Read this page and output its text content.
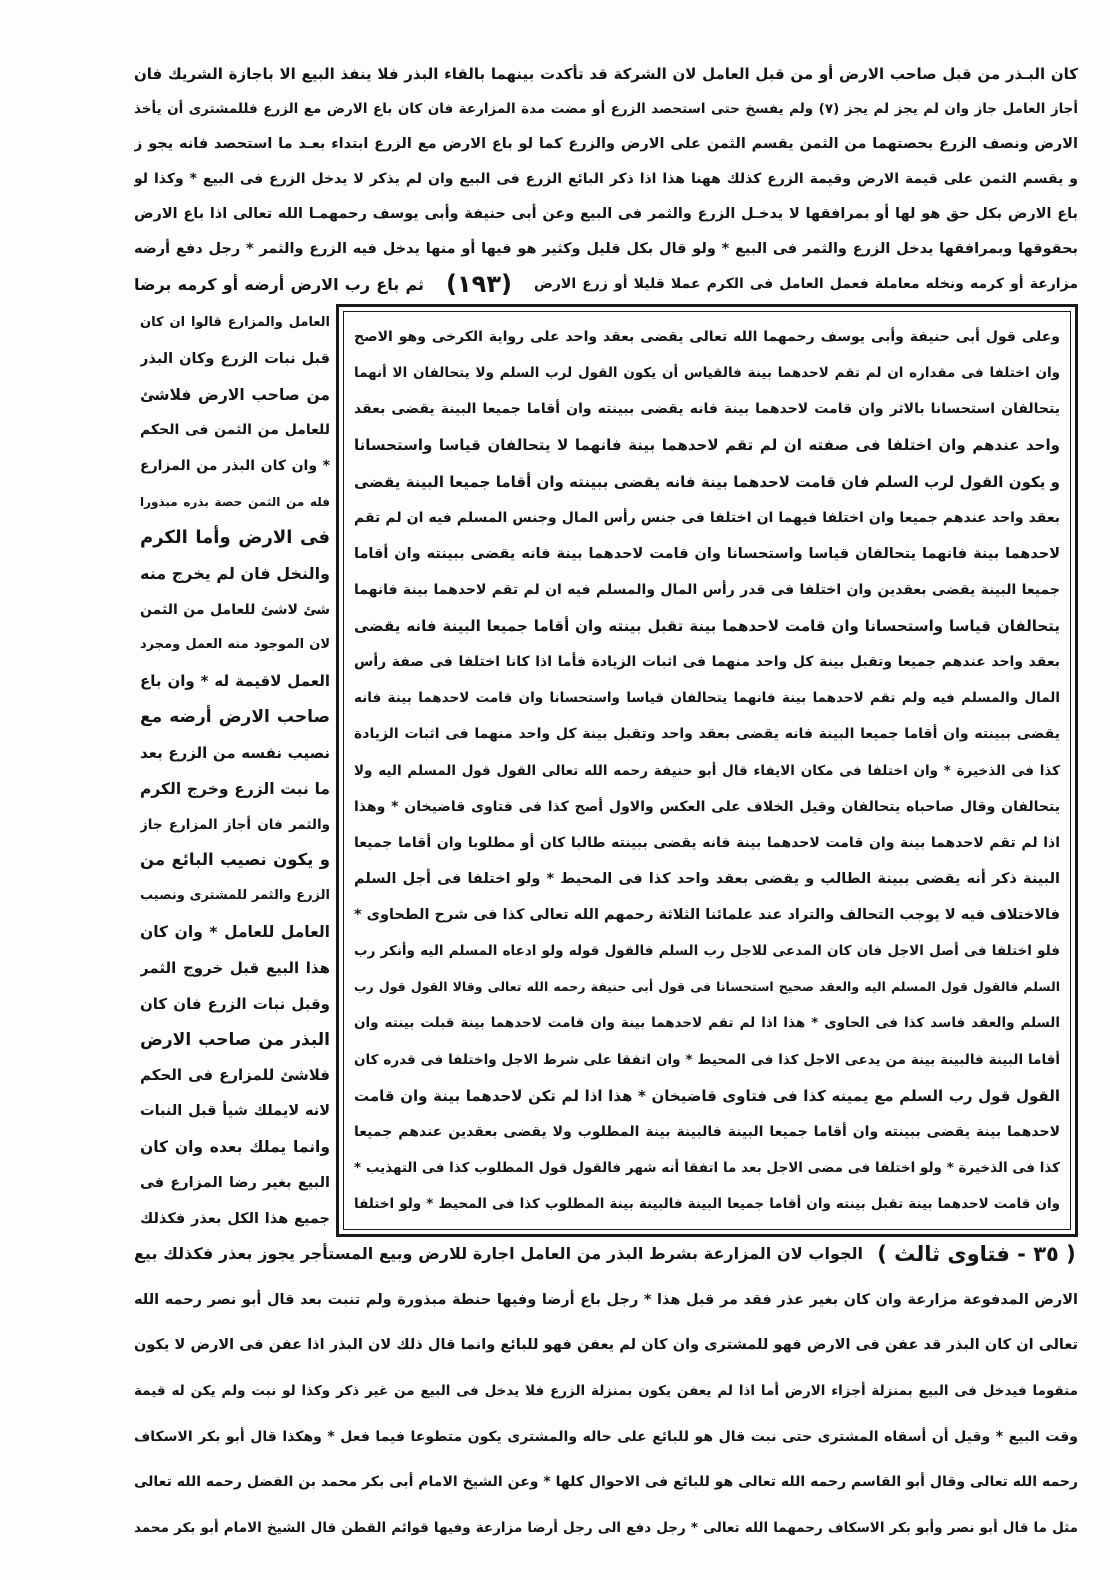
كان البـذر من قبل صاحب الارض أو من قبل العامل لان الشركة قد تأكدت بينهما بالقاء البذر فلا ينفذ البيع الا باجازة الشريك فان
أجاز العامل جاز وان لم يجز لم يجز (٧) ولم يفسخ حتى استحصد الزرع أو مضت مدة المزارعة فان كان باع الارض مع الزرع فللمشترى أن يأخذ
الارض ونصف الزرع بحصتهما من الثمن يقسم الثمن على الارض والزرع كما لو باع الارض مع الزرع ابتداء بعـد ما استحصد فانه يجو ز
و يقسم الثمن على قيمة الارض وقيمة الزرع كذلك ههنا هذا اذا ذكر البائع الزرع فى البيع وان لم يذكر لا يدخل الزرع فى البيع * وكذا لو
باع الارض بكل حق هو لها أو بمرافقها لا يدخـل الزرع والثمر فى البيع وعن أبى حنيفة وأبى يوسف رحمهمـا الله تعالى اذا باع الارض
بحقوقها وبمرافقها يدخل الزرع والثمر فى البيع * ولو قال بكل قليل وكثير هو فيها أو منها يدخل فيه الزرع والثمر * رجل دفع أرضه
مزارعة أو كرمه ونخله معاملة فعمل العامل فى الكرم عملا قليلا أو زرع الارض
(١٩٣)
ثم باع رب الارض أرضه أو كرمه برضا
العامل والمزارع قالوا ان كان
قبل نبات الزرع وكان البذر
من صاحب الارض فلاشئ
للعامل من الثمن فى الحكم
* وان كان البذر من المزارع
فله من الثمن حصة بذره مبذورا
فى الارض وأما الكرم
والنخل فان لم يخرج منه
شئ لاشئ للعامل من الثمن
لان الموجود منه العمل ومجرد
العمل لاقيمة له * وان باع
صاحب الارض أرضه مع
نصيب نفسه من الزرع بعد
ما نبت الزرع وخرج الكرم
والثمر فان أجاز المزارع جاز
و يكون نصيب البائع من
الزرع والثمر للمشترى ونصيب
العامل للعامل * وان كان
هذا البيع قبل خروج الثمر
وقبل نبات الزرع فان كان
البذر من صاحب الارض
فلاشئ للمزارع فى الحكم
لانه لايملك شيأ قبل النبات
وانما يملك بعده وان كان
البيع بغير رضا المزارع فى
جميع هذا الكل بعذر فكذلك
وعلى قول أبى حنيفة وأبى يوسف رحمهما الله تعالى يقضى بعقد واحد على رواية الكرخى وهو الاصح
وان اختلفا فى مقداره ان لم تقم لاحدهما بينة فالقياس أن يكون القول لرب السلم ولا يتحالفان الا أنهما
يتحالفان استحسانا بالاثر وان قامت لاحدهما بينة فانه يقضى ببينته وان أقاما جميعا البينة يقضى بعقد
واحد عندهم وان اختلفا فى صفته ان لم تقم لاحدهما بينة فانهما لا يتحالفان قياسا واستحسانا
و يكون القول لرب السلم فان قامت لاحدهما بينة فانه يقضى ببينته وان أقاما جميعا البينة يقضى
بعقد واحد عندهم جميعا وان اختلفا فيهما ان اختلفا فى جنس رأس المال وجنس المسلم فيه ان لم تقم
لاحدهما بينة فانهما يتحالفان قياسا واستحسانا وان قامت لاحدهما بينة فانه يقضى ببينته وان أقاما
جميعا البينة يقضى بعقدين وان اختلفا فى قدر رأس المال والمسلم فيه ان لم تقم لاحدهما بينة فانهما
يتحالفان قياسا واستحسانا وان قامت لاحدهما بينة تقبل بينته وان أقاما جميعا البينة فانه يقضى
بعقد واحد عندهم جميعا وتقبل بينة كل واحد منهما فى اثبات الزيادة فأما اذا كانا اختلفا فى صفة رأس
المال والمسلم فيه ولم تقم لاحدهما بينة فانهما يتحالفان قياسا واستحسانا وان قامت لاحدهما بينة فانه
يقضى ببينته وان أقاما جميعا البينة فانه يقضى بعقد واحد وتقبل بينة كل واحد منهما فى اثبات الزيادة
كذا فى الذخيرة * وان اختلفا فى مكان الايفاء قال أبو حنيفة رحمه الله تعالى القول قول المسلم اليه ولا
يتحالفان وقال صاحباه يتحالفان وقيل الخلاف على العكس والاول أصح كذا فى فتاوى قاضيخان * وهذا
اذا لم تقم لاحدهما بينة وان قامت لاحدهما بينة فانه يقضى ببينته طالبا كان أو مطلوبا وان أقاما جميعا
البينة ذكر أنه يقضى ببينة الطالب و يقضى بعقد واحد كذا فى المحيط * ولو اختلفا فى أجل السلم
فالاختلاف فيه لا يوجب التحالف والتراد عند علمائنا الثلاثة رحمهم الله تعالى كذا فى شرح الطحاوى *
فلو اختلفا فى أصل الاجل فان كان المدعى للاجل رب السلم فالقول قوله ولو ادعاه المسلم اليه وأنكر رب
السلم فالقول قول المسلم اليه والعقد صحيح استحسانا فى قول أبى حنيفة رحمه الله تعالى وقالا القول قول رب
السلم والعقد فاسد كذا فى الحاوى * هذا اذا لم تقم لاحدهما بينة وان قامت لاحدهما بينة قبلت بينته وان
أقاما البينة فالبينة بينة من يدعى الاجل كذا فى المحيط * وان اتفقا على شرط الاجل واختلفا فى قدره كان
القول قول رب السلم مع يمينه كذا فى فتاوى قاضيخان * هذا اذا لم تكن لاحدهما بينة وان قامت
لاحدهما بينة يقضى ببينته وان أقاما جميعا البينة فالبينة بينة المطلوب ولا يقضى بعقدين عندهم جميعا
كذا فى الذخيرة * ولو اختلفا فى مضى الاجل بعد ما اتفقا أنه شهر فالقول قول المطلوب كذا فى التهذيب *
وان قامت لاحدهما بينة تقبل بينته وان أقاما جميعا البينة فالبينة بينة المطلوب كذا فى المحيط * ولو اختلفا
( ٣٥ - فتاوى ثالث )
الجواب لان المزارعة بشرط البذر من العامل اجارة للارض وبيع المستأجر يجوز بعذر فكذلك بيع
الارض المدفوعة مزارعة وان كان بغير عذر فقد مر قبل هذا * رجل باع أرضا وفيها حنطة مبذورة ولم تنبت بعد قال أبو نصر رحمه الله
تعالى ان كان البذر قد عفن فى الارض فهو للمشترى وان كان لم يعفن فهو للبائع وانما قال ذلك لان البذر اذا عفن فى الارض لا يكون
متقوما فيدخل فى البيع بمنزلة أجزاء الارض أما اذا لم يعفن يكون بمنزلة الزرع فلا يدخل فى البيع من غير ذكر وكذا لو نبت ولم يكن له قيمة
وقت البيع * وقيل أن أسقاه المشترى حتى نبت قال هو للبائع على حاله والمشترى يكون متطوعا فيما فعل * وهكذا قال أبو بكر الاسكاف
رحمه الله تعالى وقال أبو القاسم رحمه الله تعالى هو للبائع فى الاحوال كلها * وعن الشيخ الامام أبى بكر محمد بن الفضل رحمه الله تعالى
مثل ما قال أبو نصر وأبو بكر الاسكاف رحمهما الله تعالى * رجل دفع الى رجل أرضا مزارعة وفيها قوائم القطن قال الشيخ الامام أبو بكر محمد
